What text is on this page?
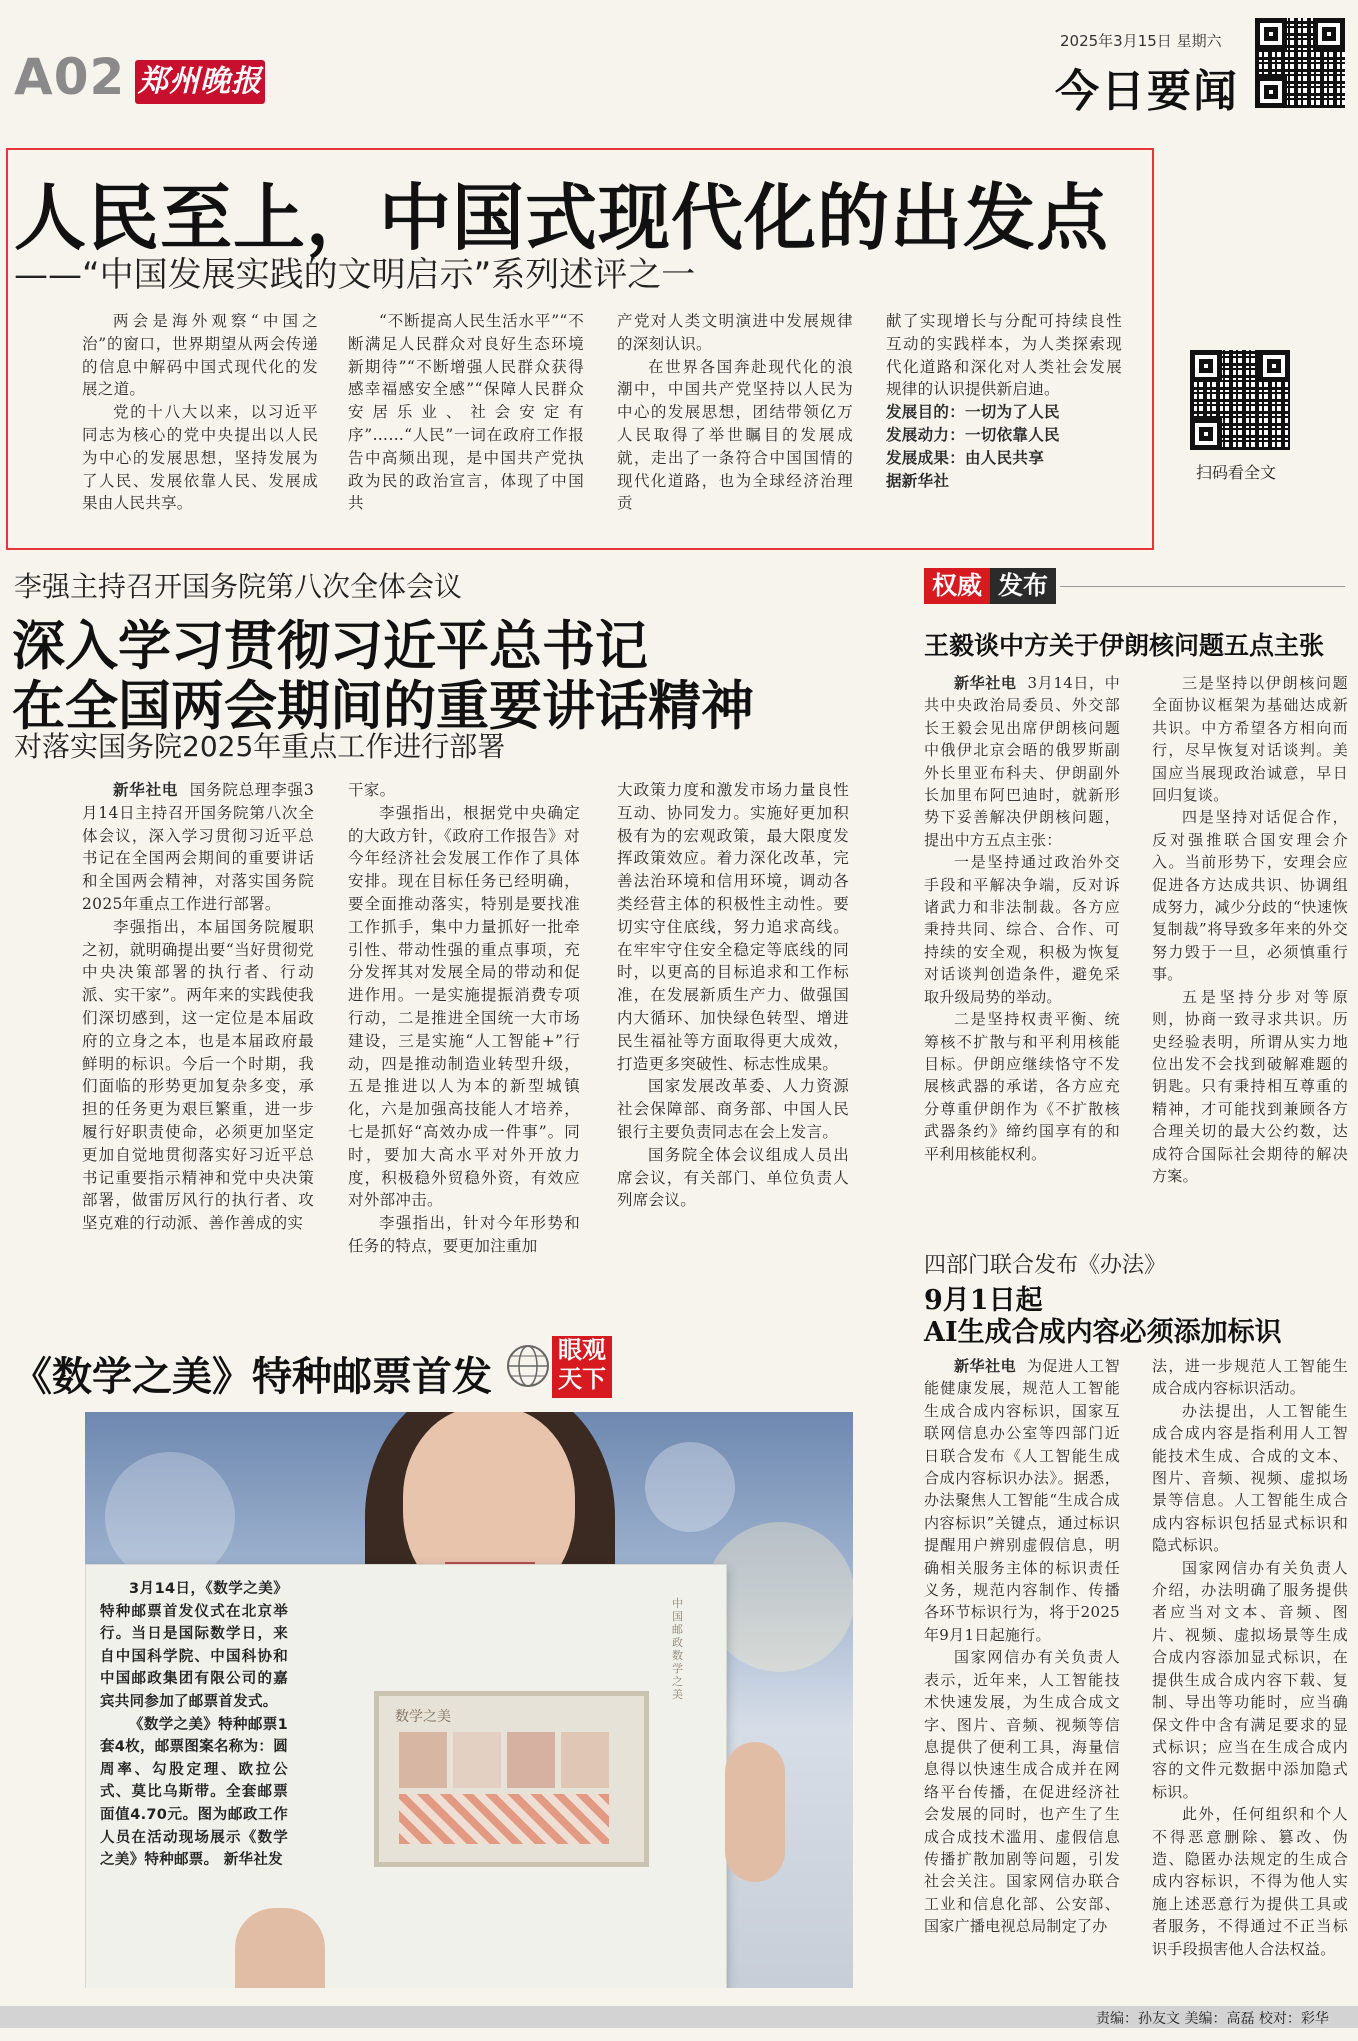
A02 郑州晚报
2025年3月15日 星期六
今日要闻
人民至上，中国式现代化的出发点
——“中国发展实践的文明启示”系列述评之一

两会是海外观察“中国之治”的窗口，世界期望从两会传递的信息中解码中国式现代化的发展之道。

党的十八大以来，以习近平同志为核心的党中央提出以人民为中心的发展思想，坚持发展为了人民、发展依靠人民、发展成果由人民共享。

“不断提高人民生活水平”“不断满足人民群众对良好生态环境新期待”“不断增强人民群众获得感幸福感安全感”“保障人民群众安居乐业、社会安定有序”……“人民”一词在政府工作报告中高频出现，是中国共产党执政为民的政治宣言，体现了中国共

产党对人类文明演进中发展规律的深刻认识。

在世界各国奔赴现代化的浪潮中，中国共产党坚持以人民为中心的发展思想，团结带领亿万人民取得了举世瞩目的发展成就，走出了一条符合中国国情的现代化道路，也为全球经济治理贡

献了实现增长与分配可持续良性互动的实践样本，为人类探索现代化道路和深化对人类社会发展规律的认识提供新启迪。

发展目的：一切为了人民

发展动力：一切依靠人民

发展成果：由人民共享

据新华社	扫码看全文
李强主持召开国务院第八次全体会议
深入学习贯彻习近平总书记
在全国两会期间的重要讲话精神
对落实国务院2025年重点工作进行部署

新华社电 国务院总理李强3月14日主持召开国务院第八次全体会议，深入学习贯彻习近平总书记在全国两会期间的重要讲话和全国两会精神，对落实国务院2025年重点工作进行部署。

李强指出，本届国务院履职之初，就明确提出要“当好贯彻党中央决策部署的执行者、行动派、实干家”。两年来的实践使我们深切感到，这一定位是本届政府的立身之本，也是本届政府最鲜明的标识。今后一个时期，我们面临的形势更加复杂多变，承担的任务更为艰巨繁重，进一步履行好职责使命，必须更加坚定更加自觉地贯彻落实好习近平总书记重要指示精神和党中央决策部署，做雷厉风行的执行者、攻坚克难的行动派、善作善成的实

干家。

李强指出，根据党中央确定的大政方针，《政府工作报告》对今年经济社会发展工作作了具体安排。现在目标任务已经明确，要全面推动落实，特别是要找准工作抓手，集中力量抓好一批牵引性、带动性强的重点事项，充分发挥其对发展全局的带动和促进作用。一是实施提振消费专项行动，二是推进全国统一大市场建设，三是实施“人工智能+”行动，四是推动制造业转型升级，五是推进以人为本的新型城镇化，六是加强高技能人才培养，七是抓好“高效办成一件事”。同时，要加大高水平对外开放力度，积极稳外贸稳外资，有效应对外部冲击。

李强指出，针对今年形势和任务的特点，要更加注重加

大政策力度和激发市场力量良性互动、协同发力。实施好更加积极有为的宏观政策，最大限度发挥政策效应。着力深化改革，完善法治环境和信用环境，调动各类经营主体的积极性主动性。要切实守住底线，努力追求高线。在牢牢守住安全稳定等底线的同时，以更高的目标追求和工作标准，在发展新质生产力、做强国内大循环、加快绿色转型、增进民生福祉等方面取得更大成效，打造更多突破性、标志性成果。

国家发展改革委、人力资源社会保障部、商务部、中国人民银行主要负责同志在会上发言。

国务院全体会议组成人员出席会议，有关部门、单位负责人列席会议。

权威 发布
王毅谈中方关于伊朗核问题五点主张

新华社电 3月14日，中共中央政治局委员、外交部长王毅会见出席伊朗核问题中俄伊北京会晤的俄罗斯副外长里亚布科夫、伊朗副外长加里布阿巴迪时，就新形势下妥善解决伊朗核问题，提出中方五点主张：

一是坚持通过政治外交手段和平解决争端，反对诉诸武力和非法制裁。各方应秉持共同、综合、合作、可持续的安全观，积极为恢复对话谈判创造条件，避免采取升级局势的举动。

二是坚持权责平衡、统筹核不扩散与和平利用核能目标。伊朗应继续恪守不发展核武器的承诺，各方应充分尊重伊朗作为《不扩散核武器条约》缔约国享有的和平利用核能权利。

三是坚持以伊朗核问题全面协议框架为基础达成新共识。中方希望各方相向而行，尽早恢复对话谈判。美国应当展现政治诚意，早日回归复谈。

四是坚持对话促合作，反对强推联合国安理会介入。当前形势下，安理会应促进各方达成共识、协调组成努力，减少分歧的“快速恢复制裁”将导致多年来的外交努力毁于一旦，必须慎重行事。

五是坚持分步对等原则，协商一致寻求共识。历史经验表明，所谓从实力地位出发不会找到破解难题的钥匙。只有秉持相互尊重的精神，才可能找到兼顾各方合理关切的最大公约数，达成符合国际社会期待的解决方案。

四部门联合发布《办法》
9月1日起
AI生成合成内容必须添加标识

新华社电 为促进人工智能健康发展，规范人工智能生成合成内容标识，国家互联网信息办公室等四部门近日联合发布《人工智能生成合成内容标识办法》。据悉，办法聚焦人工智能“生成合成内容标识”关键点，通过标识提醒用户辨别虚假信息，明确相关服务主体的标识责任义务，规范内容制作、传播各环节标识行为，将于2025年9月1日起施行。

国家网信办有关负责人表示，近年来，人工智能技术快速发展，为生成合成文字、图片、音频、视频等信息提供了便利工具，海量信息得以快速生成合成并在网络平台传播，在促进经济社会发展的同时，也产生了生成合成技术滥用、虚假信息传播扩散加剧等问题，引发社会关注。国家网信办联合工业和信息化部、公安部、国家广播电视总局制定了办

法，进一步规范人工智能生成合成内容标识活动。

办法提出，人工智能生成合成内容是指利用人工智能技术生成、合成的文本、图片、音频、视频、虚拟场景等信息。人工智能生成合成内容标识包括显式标识和隐式标识。

国家网信办有关负责人介绍，办法明确了服务提供者应当对文本、音频、图片、视频、虚拟场景等生成合成内容添加显式标识，在提供生成合成内容下载、复制、导出等功能时，应当确保文件中含有满足要求的显式标识；应当在生成合成内容的文件元数据中添加隐式标识。

此外，任何组织和个人不得恶意删除、篡改、伪造、隐匿办法规定的生成合成内容标识，不得为他人实施上述恶意行为提供工具或者服务，不得通过不正当标识手段损害他人合法权益。

《数学之美》特种邮票首发
眼观
天下
数学之美
中国邮政 数学之美

3月14日，《数学之美》特种邮票首发仪式在北京举行。当日是国际数学日，来自中国科学院、中国科协和中国邮政集团有限公司的嘉宾共同参加了邮票首发式。

《数学之美》特种邮票1套4枚，邮票图案名称为：圆周率、勾股定理、欧拉公式、莫比乌斯带。全套邮票面值4.70元。图为邮政工作人员在活动现场展示《数学之美》特种邮票。 新华社发

责编：孙友文 美编：高磊 校对：彩华
